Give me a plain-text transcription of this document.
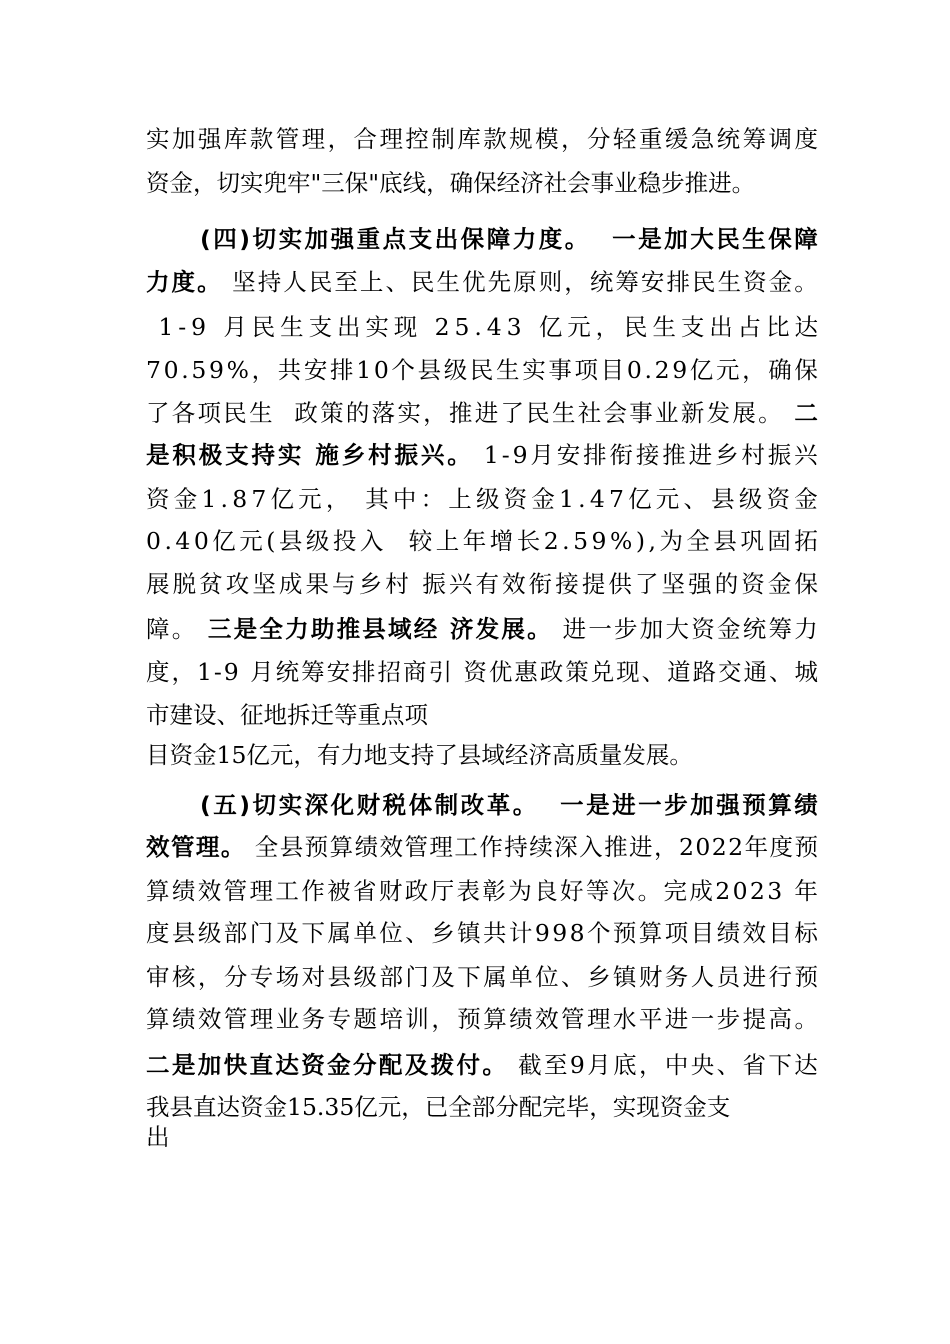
实 加 强 库 款 管 理 ， 合 理 控 制 库 款 规 模 ， 分 轻 重 缓 急 统 筹 调 度
资金，切实兜牢"三保"底线，确保经济社会事业稳步推进。
( 四 ) 切 实 加 强 重 点 支 出 保 障 力 度 。

一 是 加 大 民 生 保 障
力 度 。
坚 持 人 民 至 上 、 民 生 优 先 原 则 ， 统 筹 安 排 民 生 资 金 。

1 - 9
月 民 生 支 出 实 现
2 5 . 4 3
亿 元 ， 民 生 支 出 占 比 达
7 0 . 5 9 % ， 共 安 排 1 0 个 县 级 民 生 实 事 项 目 0 . 2 9 亿 元 ， 确 保
了 各 项 民 生

政 策 的 落 实 ， 推 进 了 民 生 社 会 事 业 新 发 展 。
二
是 积 极 支 持 实
施 乡 村 振 兴 。
1 - 9 月 安 排 衔 接 推 进 乡 村 振 兴
资 金 1 . 8 7 亿 元 ，
其 中 ： 上 级 资 金 1 . 4 7 亿 元 、 县 级 资 金
0 . 4 0 亿 元 ( 县 级 投 入

较 上 年 增 长 2 . 5 9 % ) , 为 全 县 巩 固 拓
展 脱 贫 攻 坚 成 果 与 乡 村
振 兴 有 效 衔 接 提 供 了 坚 强 的 资 金 保
障 。
三 是 全 力 助 推 县 域 经
济 发 展 。
进 一 步 加 大 资 金 统 筹 力
度 ， 1 - 9
月 统 筹 安 排 招 商 引
资 优 惠 政 策 兑 现 、 道 路 交 通 、 城
市建设、征地拆迁等重点项
目资金15亿元，有力地支持了县域经济高质量发展。
( 五 ) 切 实 深 化 财 税 体 制 改 革 。

一 是 进 一 步 加 强 预 算 绩
效 管 理 。
全 县 预 算 绩 效 管 理 工 作 持 续 深 入 推 进 ， 2 0 2 2 年 度 预
算 绩 效 管 理 工 作 被 省 财 政 厅 表 彰 为 良 好 等 次 。 完 成 2 0 2 3
年
度 县 级 部 门 及 下 属 单 位 、 乡 镇 共 计 9 9 8 个 预 算 项 目 绩 效 目 标
审 核 ， 分 专 场 对 县 级 部 门 及 下 属 单 位 、 乡 镇 财 务 人 员 进 行 预
算 绩 效 管 理 业 务 专 题 培 训 ， 预 算 绩 效 管 理 水 平 进 一 步 提 高 。
二 是 加 快 直 达 资 金 分 配 及 拨 付 。
截 至 9 月 底 ， 中 央 、 省 下 达
我县直达资金15.35亿元，已全部分配完毕，实现资金支
出
